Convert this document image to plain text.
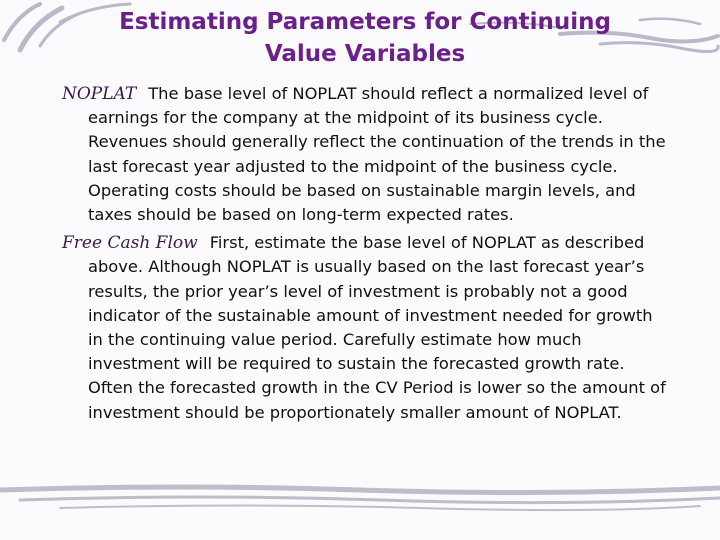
Estimating Parameters for Continuing
Value Variables

NOPLAT The base level of NOPLAT should reflect a normalized level of earnings for the company at the midpoint of its business cycle. Revenues should generally reflect the continuation of the trends in the last forecast year adjusted to the midpoint of the business cycle. Operating costs should be based on sustainable margin levels, and taxes should be based on long-term expected rates.

Free Cash Flow First, estimate the base level of NOPLAT as described above. Although NOPLAT is usually based on the last forecast year’s results, the prior year’s level of investment is probably not a good indicator of the sustainable amount of investment needed for growth in the continuing value period. Carefully estimate how much investment will be required to sustain the forecasted growth rate. Often the forecasted growth in the CV Period is lower so the amount of investment should be proportionately smaller amount of NOPLAT.
